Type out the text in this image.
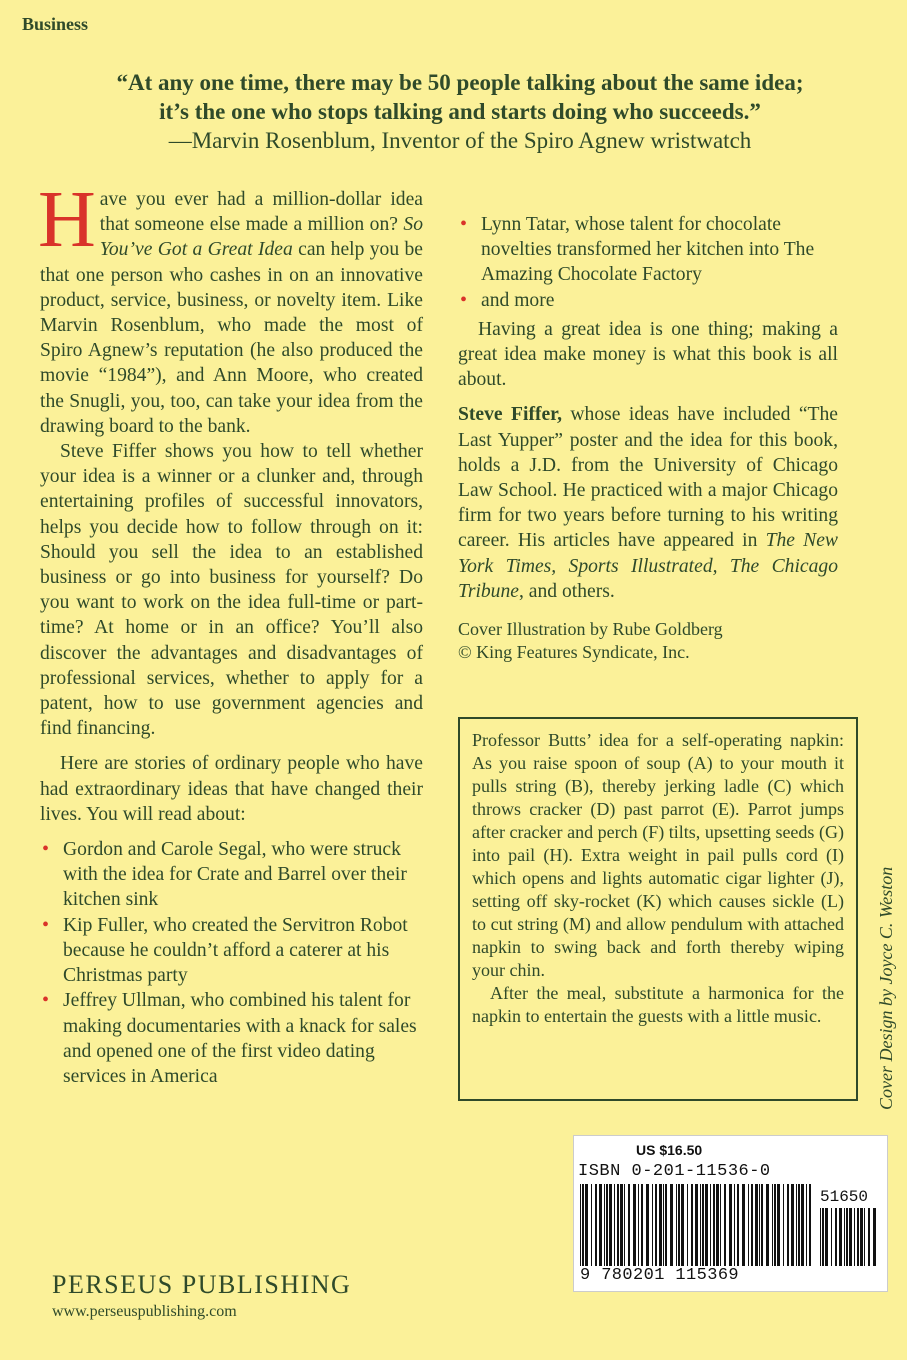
Business
“At any one time, there may be 50 people talking about the same idea;
it’s the one who stops talking and starts doing who succeeds.”
—Marvin Rosenblum, Inventor of the Spiro Agnew wristwatch

Have you ever had a million-dollar idea that someone else made a million on? So You’ve Got a Great Idea can help you be that one person who cashes in on an innovative product, service, business, or novelty item. Like Marvin Rosenblum, who made the most of Spiro Agnew’s reputation (he also produced the movie “1984”), and Ann Moore, who created the Snugli, you, too, can take your idea from the drawing board to the bank.

Steve Fiffer shows you how to tell whether your idea is a winner or a clunker and, through entertaining profiles of successful innovators, helps you decide how to follow through on it: Should you sell the idea to an established business or go into business for yourself? Do you want to work on the idea full-time or part-time? At home or in an office? You’ll also discover the advantages and disadvantages of professional services, whether to apply for a patent, how to use government agencies and find financing.

Here are stories of ordinary people who have had extraordinary ideas that have changed their lives. You will read about:

• Gordon and Carole Segal, who were struck with the idea for Crate and Barrel over their kitchen sink
• Kip Fuller, who created the Servitron Robot because he couldn’t afford a caterer at his Christmas party
• Jeffrey Ullman, who combined his talent for making documentaries with a knack for sales and opened one of the first video dating services in America
• Lynn Tatar, whose talent for chocolate novelties transformed her kitchen into The Amazing Chocolate Factory
• and more

Having a great idea is one thing; making a great idea make money is what this book is all about.

Steve Fiffer, whose ideas have included “The Last Yupper” poster and the idea for this book, holds a J.D. from the University of Chicago Law School. He practiced with a major Chicago firm for two years before turning to his writing career. His articles have appeared in The New York Times, Sports Illustrated, The Chicago Tribune, and others.

Cover Illustration by Rube Goldberg
© King Features Syndicate, Inc.

Professor Butts’ idea for a self-operating napkin: As you raise spoon of soup (A) to your mouth it pulls string (B), thereby jerking ladle (C) which throws cracker (D) past parrot (E). Parrot jumps after cracker and perch (F) tilts, upsetting seeds (G) into pail (H). Extra weight in pail pulls cord (I) which opens and lights automatic cigar lighter (J), setting off sky-rocket (K) which causes sickle (L) to cut string (M) and allow pendulum with attached napkin to swing back and forth thereby wiping your chin.

After the meal, substitute a harmonica for the napkin to entertain the guests with a little music.	Cover Design by Joyce C. Weston
US $16.50
ISBN 0-201-11536-0
51650
9 780201 115369
PERSEUS PUBLISHING
www.perseuspublishing.com
